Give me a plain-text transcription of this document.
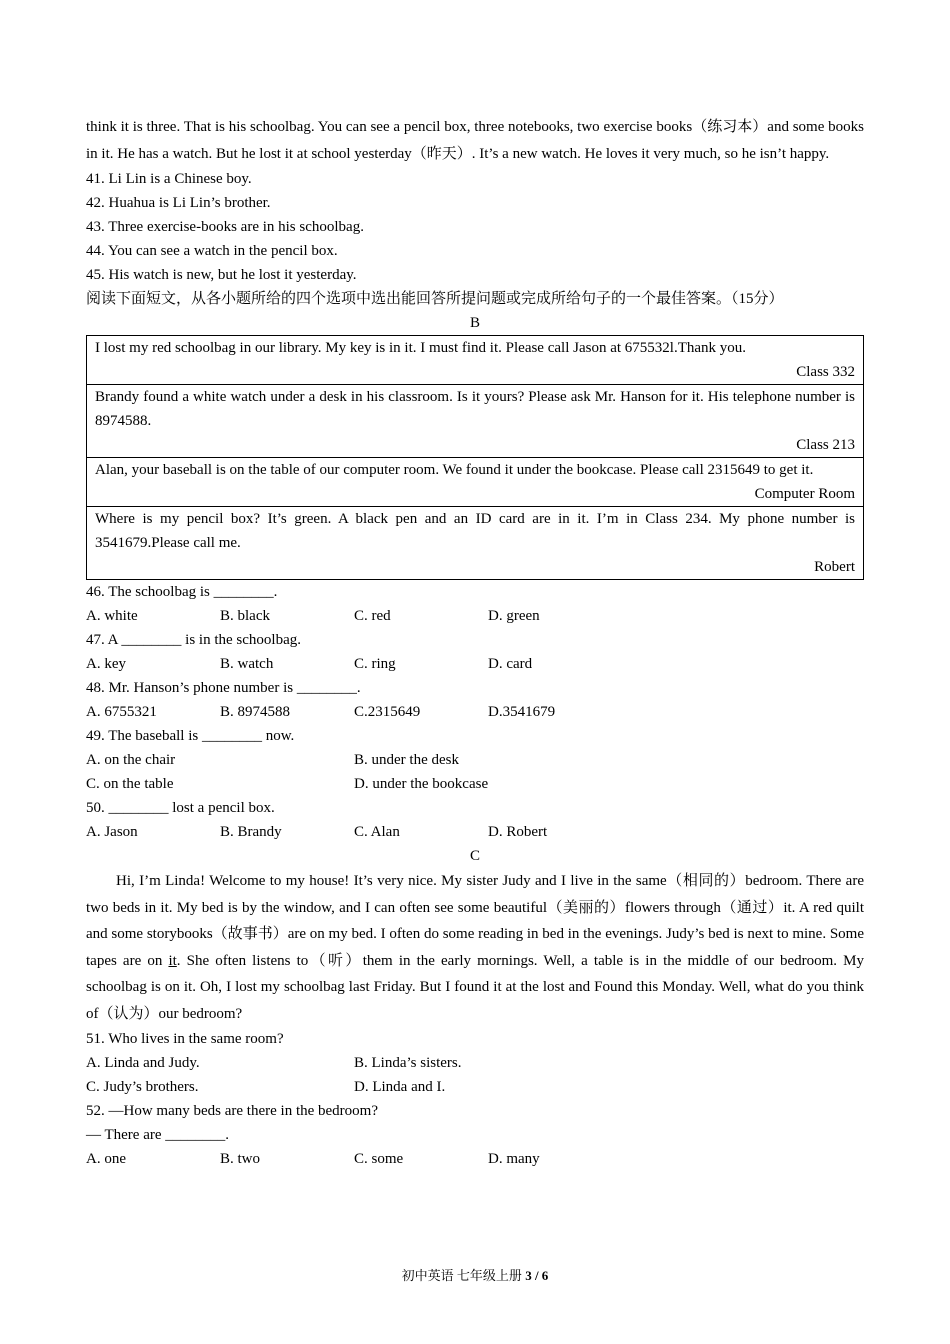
think it is three. That is his schoolbag. You can see a pencil box, three notebooks, two exercise books（练习本）and some books in it. He has a watch. But he lost it at school yesterday（昨天）. It’s a new watch. He loves it very much, so he isn’t happy.
41. Li Lin is a Chinese boy.
42. Huahua is Li Lin’s brother.
43. Three exercise-books are in his schoolbag.
44. You can see a watch in the pencil box.
45. His watch is new, but he lost it yesterday.
阅读下面短文，从各小题所给的四个选项中选出能回答所提问题或完成所给句子的一个最佳答案。（15分）
B
I lost my red schoolbag in our library. My key is in it. I must find it. Please call Jason at 675532l.Thank you.
Class 332

Brandy found a white watch under a desk in his classroom. Is it yours? Please ask Mr. Hanson for it. His telephone number is 8974588.
Class 213

Alan, your baseball is on the table of our computer room. We found it under the bookcase. Please call 2315649 to get it.
Computer Room

Where is my pencil box? It’s green. A black pen and an ID card are in it. I’m in Class 234. My phone number is 3541679.Please call me.
Robert
46. The schoolbag is ________.
A. white	B. black	C. red	D. green
47. A ________ is in the schoolbag.
A. key	B. watch	C. ring	D. card
48. Mr. Hanson’s phone number is ________.
A. 6755321	B. 8974588	C.2315649	D.3541679
49. The baseball is ________ now.
A. on the chair	B. under the desk
C. on the table	D. under the bookcase
50. ________ lost a pencil box.
A. Jason	B. Brandy	C. Alan	D. Robert
C
Hi, I’m Linda! Welcome to my house! It’s very nice. My sister Judy and I live in the same（相同的）bedroom. There are two beds in it. My bed is by the window, and I can often see some beautiful（美丽的）flowers through（通过）it. A red quilt and some storybooks（故事书）are on my bed. I often do some reading in bed in the evenings. Judy’s bed is next to mine. Some tapes are on it. She often listens to（听）them in the early mornings. Well, a table is in the middle of our bedroom. My schoolbag is on it. Oh, I lost my schoolbag last Friday. But I found it at the lost and Found this Monday. Well, what do you think of（认为）our bedroom?
51. Who lives in the same room?
A. Linda and Judy.	B. Linda’s sisters.
C. Judy’s brothers.	D. Linda and I.
52. —How many beds are there in the bedroom?
— There are ________.
A. one	B. two	C. some	D. many
初中英语 七年级上册 3 / 6
